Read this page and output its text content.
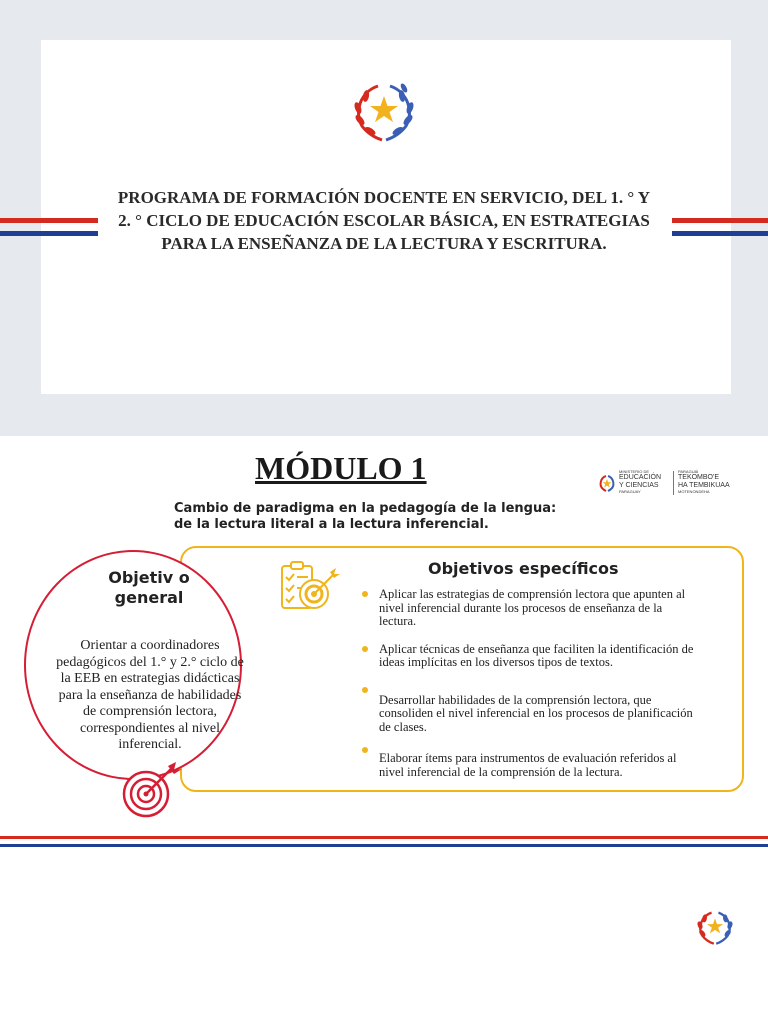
PROGRAMA DE FORMACIÓN DOCENTE EN SERVICIO, DEL 1. ° Y 2. ° CICLO DE EDUCACIÓN ESCOLAR BÁSICA, EN ESTRATEGIAS PARA LA ENSEÑANZA DE LA LECTURA Y ESCRITURA.

MÓDULO 1	MINISTERIO DE
EDUCACIÓN
Y CIENCIAS
PARAGUAY
PARAGUÁI
TEKOMBO'E
HA TEMBIKUAA
MOTENONDEHA

Cambio de paradigma en la pedagogía de la lengua: de la lectura literal a la lectura inferencial.

Objetivos específicos
Aplicar las estrategias de comprensión lectora que apunten al nivel inferencial durante los procesos de enseñanza de la lectura.
Aplicar técnicas de enseñanza que faciliten la identificación de ideas implícitas en los diversos tipos de textos.
Desarrollar habilidades de la comprensión lectora, que consoliden el nivel inferencial en los procesos de planificación de clases.
Elaborar ítems para instrumentos de evaluación referidos al nivel inferencial de la comprensión de la lectura.
Objetiv o general

Orientar a coordinadores pedagógicos del 1.° y 2.° ciclo de la EEB en estrategias didácticas para la enseñanza de habilidades de comprensión lectora, correspondientes al nivel inferencial.
